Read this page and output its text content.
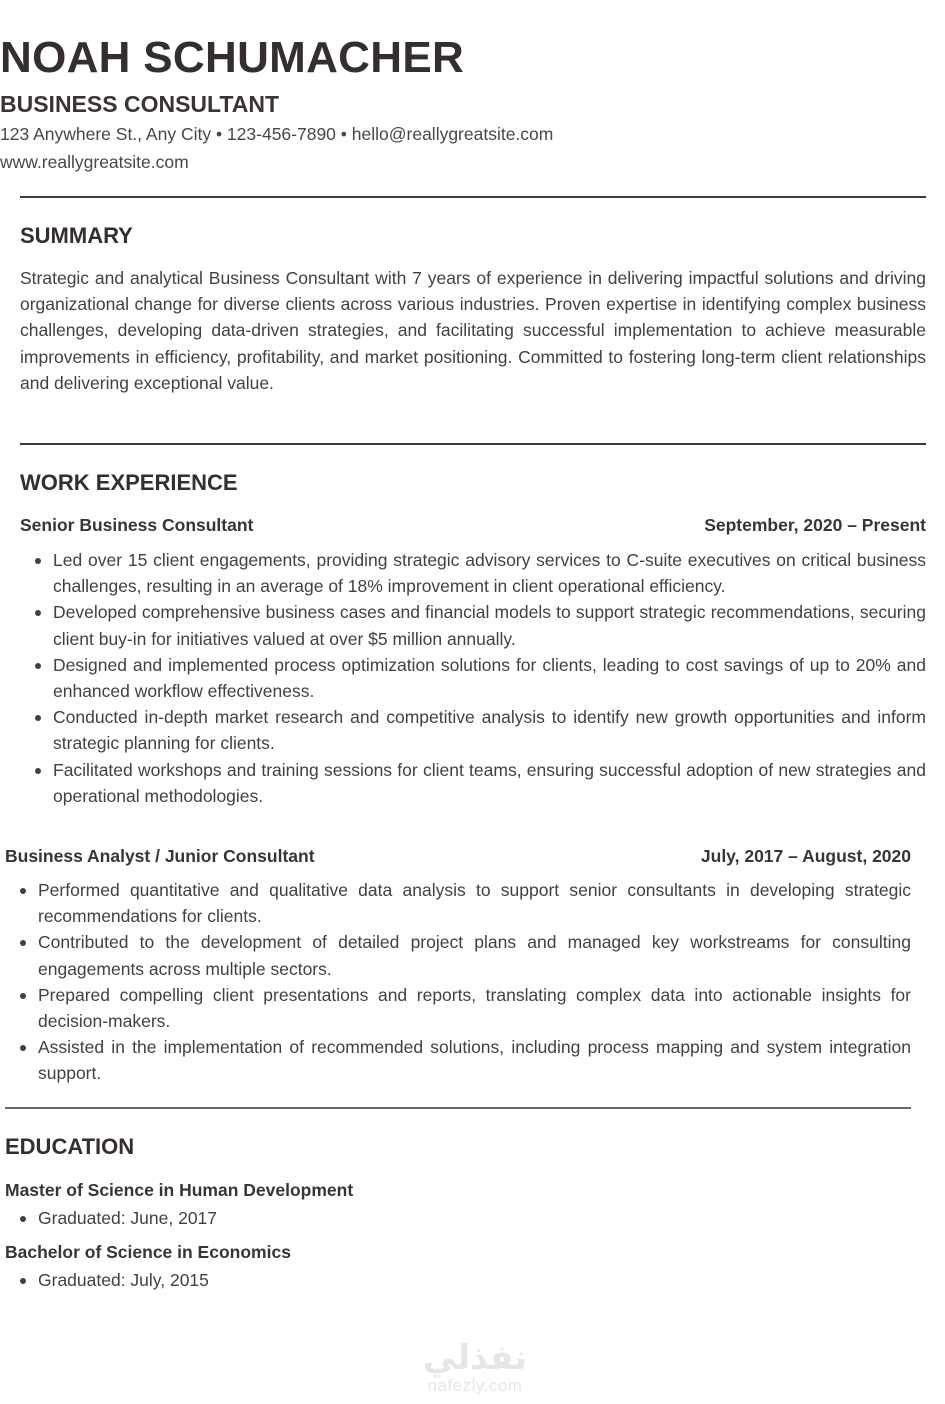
NOAH SCHUMACHER
BUSINESS CONSULTANT
123 Anywhere St., Any City • 123-456-7890 • hello@reallygreatsite.com
www.reallygreatsite.com
SUMMARY

Strategic and analytical Business Consultant with 7 years of experience in delivering impactful solutions and driving organizational change for diverse clients across various industries. Proven expertise in identifying complex business challenges, developing data-driven strategies, and facilitating successful implementation to achieve measurable improvements in efficiency, profitability, and market positioning. Committed to fostering long-term client relationships and delivering exceptional value.

WORK EXPERIENCE
Senior Business Consultant	September, 2020 – Present
Led over 15 client engagements, providing strategic advisory services to C-suite executives on critical business challenges, resulting in an average of 18% improvement in client operational efficiency.
Developed comprehensive business cases and financial models to support strategic recommendations, securing client buy-in for initiatives valued at over $5 million annually.
Designed and implemented process optimization solutions for clients, leading to cost savings of up to 20% and enhanced workflow effectiveness.
Conducted in-depth market research and competitive analysis to identify new growth opportunities and inform strategic planning for clients.
Facilitated workshops and training sessions for client teams, ensuring successful adoption of new strategies and operational methodologies.
Business Analyst / Junior Consultant	July, 2017 – August, 2020
Performed quantitative and qualitative data analysis to support senior consultants in developing strategic recommendations for clients.
Contributed to the development of detailed project plans and managed key workstreams for consulting engagements across multiple sectors.
Prepared compelling client presentations and reports, translating complex data into actionable insights for decision-makers.
Assisted in the implementation of recommended solutions, including process mapping and system integration support.
EDUCATION
Master of Science in Human Development
Graduated: June, 2017
Bachelor of Science in Economics
Graduated: July, 2015
نفذلي
nafezly.com
